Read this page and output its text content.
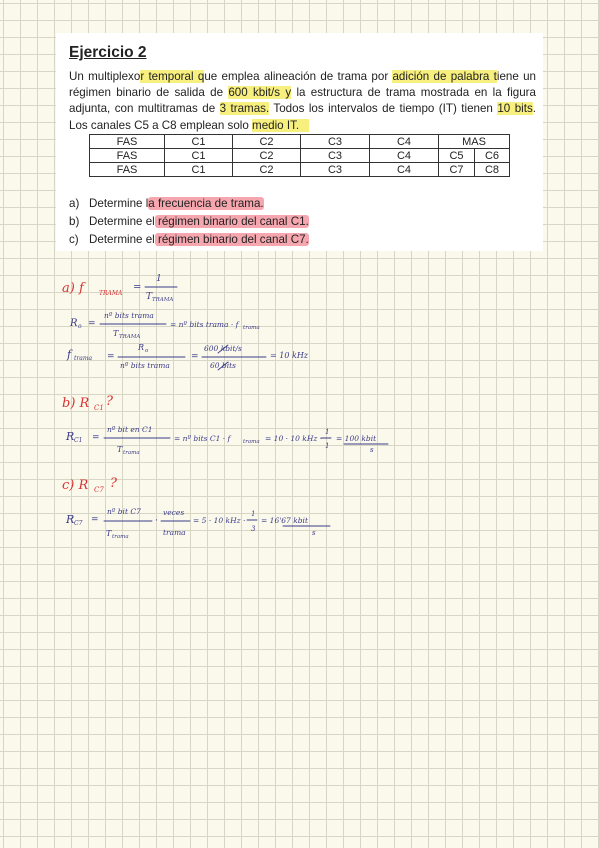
Ejercicio 2
Un multiplexor temporal que emplea alineación de trama por adición de palabra tiene un régimen binario de salida de 600 kbit/s y la estructura de trama mostrada en la figura adjunta, con multitramas de 3 tramas. Todos los intervalos de tiempo (IT) tienen 10 bits. Los canales C5 a C8 emplean solo medio IT.
FAS	C1	C2	C3	C4	MAS	
FAS	C1	C2	C3	C4	C5	C6
FAS	C1	C2	C3	C4	C7	C8
a) Determine la frecuencia de trama.
b) Determine el régimen binario del canal C1.
c) Determine el régimen binario del canal C7.
a) f	TRAMA
=
1
T TRAMA
R o =
nº bits trama
T TRAMA
= nº bits trama · f trama
f trama =
R o
nº bits trama
=
600 kbit/s
60 bits
= 10 kHz
b) R C1 ?
R C1 =
nº bit en C1
T trama
= nº bits C1 · f trama = 10 · 10 kHz ·
1
1
= 100 kbit
s
c) R C7 ?
R C7 =
nº bit C7
T trama
·
veces
trama
= 5 · 10 kHz ·
1
3
= 16'67 kbit
s
